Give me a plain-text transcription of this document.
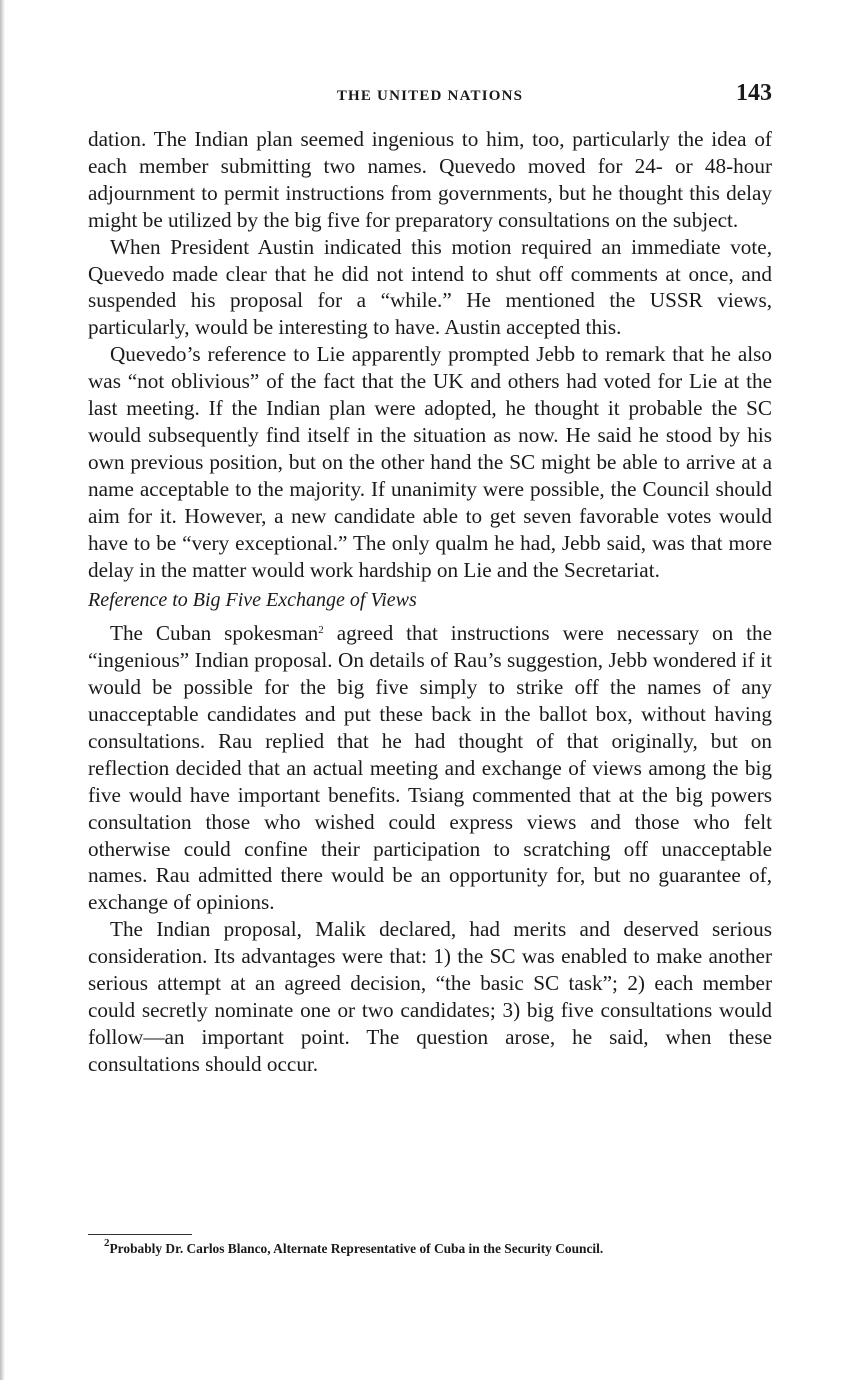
THE UNITED NATIONS	143

dation. The Indian plan seemed ingenious to him, too, particularly the idea of each member submitting two names. Quevedo moved for 24- or 48-hour adjournment to permit instructions from governments, but he thought this delay might be utilized by the big five for preparatory consultations on the subject.

When President Austin indicated this motion required an immediate vote, Quevedo made clear that he did not intend to shut off comments at once, and suspended his proposal for a “while.” He mentioned the USSR views, particularly, would be interesting to have. Austin accepted this.

Quevedo’s reference to Lie apparently prompted Jebb to remark that he also was “not oblivious” of the fact that the UK and others had voted for Lie at the last meeting. If the Indian plan were adopted, he thought it probable the SC would subsequently find itself in the situation as now. He said he stood by his own previous position, but on the other hand the SC might be able to arrive at a name acceptable to the majority. If unanimity were possible, the Council should aim for it. However, a new candidate able to get seven favorable votes would have to be “very exceptional.” The only qualm he had, Jebb said, was that more delay in the matter would work hardship on Lie and the Secretariat.

Reference to Big Five Exchange of Views

The Cuban spokesman$^2$ agreed that instructions were necessary on the “ingenious” Indian proposal. On details of Rau’s suggestion, Jebb wondered if it would be possible for the big five simply to strike off the names of any unacceptable candidates and put these back in the ballot box, without having consultations. Rau replied that he had thought of that originally, but on reflection decided that an actual meeting and exchange of views among the big five would have important benefits. Tsiang commented that at the big powers consultation those who wished could express views and those who felt otherwise could confine their participation to scratching off unacceptable names. Rau admitted there would be an opportunity for, but no guarantee of, exchange of opinions.

The Indian proposal, Malik declared, had merits and deserved serious consideration. Its advantages were that: 1) the SC was enabled to make another serious attempt at an agreed decision, “the basic SC task”; 2) each member could secretly nominate one or two candidates; 3) big five consultations would follow—an important point. The question arose, he said, when these consultations should occur.

$^2$Probably Dr. Carlos Blanco, Alternate Representative of Cuba in the Security Council.
